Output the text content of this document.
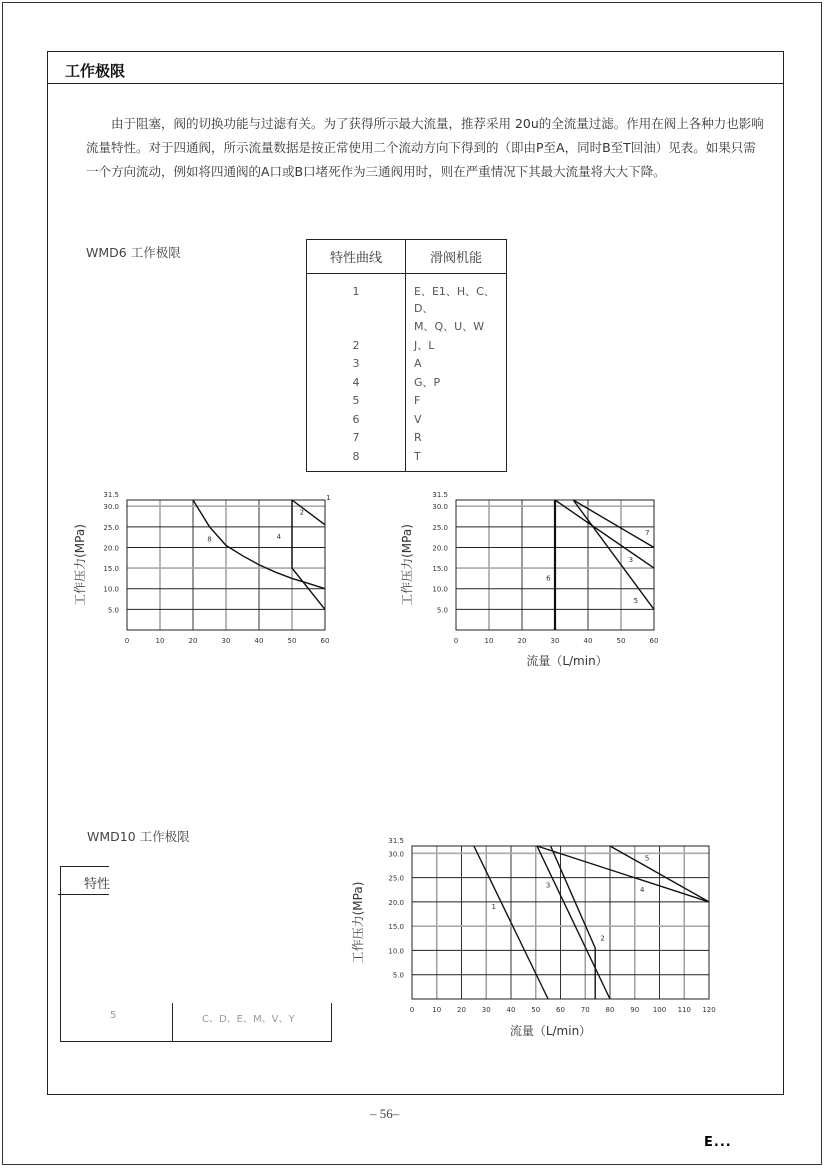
工作极限

由于阻塞，阀的切换功能与过滤有关。为了获得所示最大流量，推荐采用 20u的全流量过滤。作用在阀上各种力也影响流量特性。对于四通阀，所示流量数据是按正常使用二个流动方向下得到的（即由P至A，同时B至T回油）见表。如果只需一个方向流动，例如将四通阀的A口或B口堵死作为三通阀用时，则在严重情况下其最大流量将大大下降。

WMD6 工作极限	特性曲线	滑阀机能
1	E、E1、H、C、D、
	M、Q、U、W
2	J、L
3	A
4	G、P
5	F
6	V
7	R
8	T
0	10	20	30	40	50	60
5.0
10.0
15.0
20.0
25.0
30.0
31.5
工作压力(MPa)
1
2
4
8
0	10	20	30	40	50	60
5.0
10.0
15.0
20.0
25.0
30.0
31.5
工作压力(MPa)
流量（L/min）
7
3
6
5
WMD10 工作极限
特性
5	C、D、E、M、V、Y
0	10 20 30 40 50 60 70 80 90 100 110 120
5.0
10.0
15.0
20.0
25.0
30.0
31.5
工作压力(MPa)
流量（L/min）
1
2
3
4
5
– 56–
E...
